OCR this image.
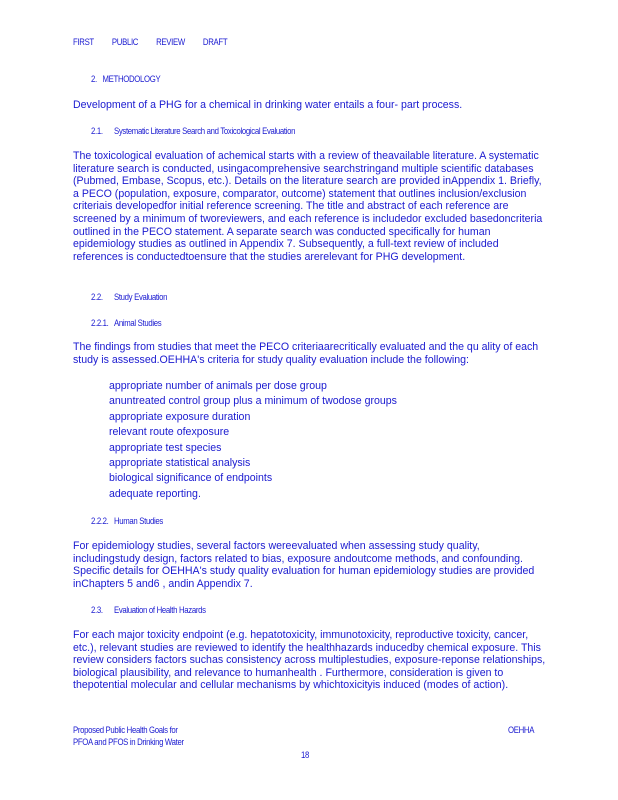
FIRST PUBLIC REVIEW DRAFT
2. METHODOLOGY
Development of a PHG for a chemical in drinking water entails a four- part process.
2.1. Systematic Literature Search and Toxicological Evaluation
The toxicological evaluation of achemical starts with a review of theavailable literature. A systematic literature search is conducted, usingacomprehensive searchstringand multiple scientific databases (Pubmed, Embase, Scopus, etc.). Details on the literature search are provided inAppendix 1. Briefly, a PECO (population, exposure, comparator, outcome) statement that outlines inclusion/exclusion criteriais developedfor initial reference screening. The title and abstract of each reference are screened by a minimum of tworeviewers, and each reference is includedor excluded basedoncriteria outlined in the PECO statement. A separate search was conducted specifically for human epidemiology studies as outlined in Appendix 7. Subsequently, a full-text review of included references is conductedtoensure that the studies arerelevant for PHG development.
2.2. Study Evaluation
2.2.1. Animal Studies
The findings from studies that meet the PECO criteriaarecritically evaluated and the qu ality of each study is assessed.OEHHA's criteria for study quality evaluation include the following:
appropriate number of animals per dose group
anuntreated control group plus a minimum of twodose groups
appropriate exposure duration
relevant route ofexposure
appropriate test species
appropriate statistical analysis
biological significance of endpoints
adequate reporting.
2.2.2. Human Studies
For epidemiology studies, several factors wereevaluated when assessing study quality, includingstudy design, factors related to bias, exposure andoutcome methods, and confounding. Specific details for OEHHA's study quality evaluation for human epidemiology studies are provided inChapters 5 and6 , andin Appendix 7.
2.3. Evaluation of Health Hazards
For each major toxicity endpoint (e.g. hepatotoxicity, immunotoxicity, reproductive toxicity, cancer, etc.), relevant studies are reviewed to identify the healthhazards inducedby chemical exposure. This review considers factors suchas consistency across multiplestudies, exposure-reponse relationships, biological plausibility, and relevance to humanhealth . Furthermore, consideration is given to thepotential molecular and cellular mechanisms by whichtoxicityis induced (modes of action).
Proposed Public Health Goals for
PFOA and PFOS in Drinking Water
OEHHA
18
